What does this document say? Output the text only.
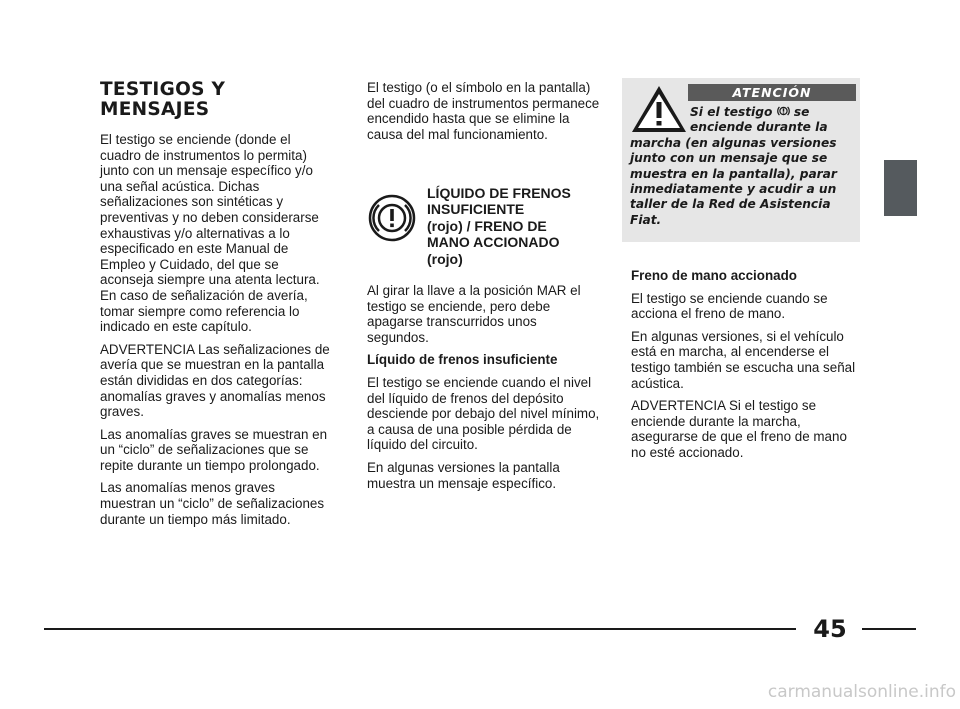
TESTIGOS Y MENSAJES

El testigo se enciende (donde el cuadro de instrumentos lo permita) junto con un mensaje específico y/o una señal acústica. Dichas señalizaciones son sintéticas y preventivas y no deben considerarse exhaustivas y/o alternativas a lo especificado en este Manual de Empleo y Cuidado, del que se aconseja siempre una atenta lectura. En caso de señalización de avería, tomar siempre como referencia lo indicado en este capítulo.

ADVERTENCIA Las señalizaciones de avería que se muestran en la pantalla están divididas en dos categorías: anomalías graves y anomalías menos graves.

Las anomalías graves se muestran en un “ciclo” de señalizaciones que se repite durante un tiempo prolongado.

Las anomalías menos graves muestran un “ciclo” de señalizaciones durante un tiempo más limitado.

El testigo (o el símbolo en la pantalla) del cuadro de instrumentos permanece encendido hasta que se elimine la causa del mal funcionamiento.

LÍQUIDO DE FRENOS
INSUFICIENTE
(rojo) / FRENO DE
MANO ACCIONADO
(rojo)

Al girar la llave a la posición MAR el testigo se enciende, pero debe apagarse transcurridos unos segundos.

Líquido de frenos insuficiente

El testigo se enciende cuando el nivel del líquido de frenos del depósito desciende por debajo del nivel mínimo, a causa de una posible pérdida de líquido del circuito.

En algunas versiones la pantalla muestra un mensaje específico.

ATENCIÓN
Si el testigo  se enciende durante la
marcha (en algunas versiones junto con un mensaje que se muestra en la pantalla), parar inmediatamente y acudir a un taller de la Red de Asistencia Fiat.

Freno de mano accionado

El testigo se enciende cuando se acciona el freno de mano.

En algunas versiones, si el vehículo está en marcha, al encenderse el testigo también se escucha una señal acústica.

ADVERTENCIA Si el testigo se enciende durante la marcha, asegurarse de que el freno de mano no esté accionado.

45
carmanualsonline.info
